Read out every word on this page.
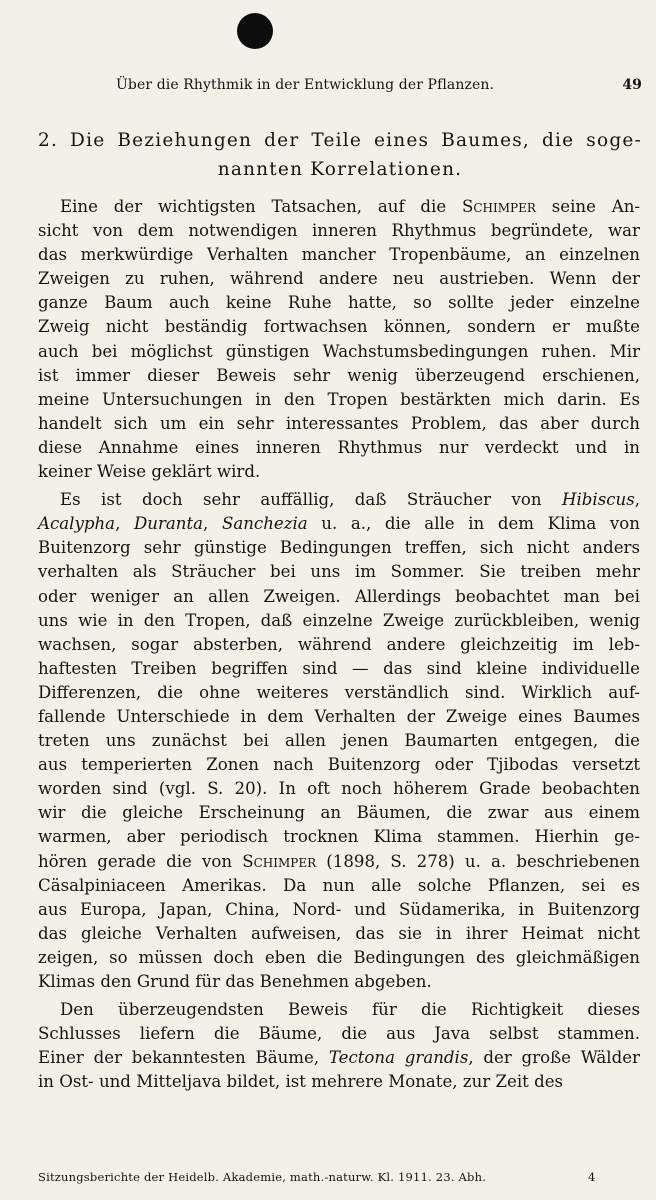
Über die Rhythmik in der Entwicklung der Pflanzen.	49
2. Die Beziehungen der Teile eines Baumes, die soge-
nannten Korrelationen.

Eine der wichtigsten Tatsachen, auf die Schimper seine An-
sicht von dem notwendigen inneren Rhythmus begründete, war
das merkwürdige Verhalten mancher Tropenbäume, an einzelnen
Zweigen zu ruhen, während andere neu austrieben. Wenn der
ganze Baum auch keine Ruhe hatte, so sollte jeder einzelne
Zweig nicht beständig fortwachsen können, sondern er mußte
auch bei möglichst günstigen Wachstumsbedingungen ruhen. Mir
ist immer dieser Beweis sehr wenig überzeugend erschienen,
meine Untersuchungen in den Tropen bestärkten mich darin. Es
handelt sich um ein sehr interessantes Problem, das aber durch
diese Annahme eines inneren Rhythmus nur verdeckt und in
keiner Weise geklärt wird.

Es ist doch sehr auffällig, daß Sträucher von Hibiscus,
Acalypha, Duranta, Sanchezia u. a., die alle in dem Klima von
Buitenzorg sehr günstige Bedingungen treffen, sich nicht anders
verhalten als Sträucher bei uns im Sommer. Sie treiben mehr
oder weniger an allen Zweigen. Allerdings beobachtet man bei
uns wie in den Tropen, daß einzelne Zweige zurückbleiben, wenig
wachsen, sogar absterben, während andere gleichzeitig im leb-
haftesten Treiben begriffen sind — das sind kleine individuelle
Differenzen, die ohne weiteres verständlich sind. Wirklich auf-
fallende Unterschiede in dem Verhalten der Zweige eines Baumes
treten uns zunächst bei allen jenen Baumarten entgegen, die
aus temperierten Zonen nach Buitenzorg oder Tjibodas versetzt
worden sind (vgl. S. 20). In oft noch höherem Grade beobachten
wir die gleiche Erscheinung an Bäumen, die zwar aus einem
warmen, aber periodisch trocknen Klima stammen. Hierhin ge-
hören gerade die von Schimper (1898, S. 278) u. a. beschriebenen
Cäsalpiniaceen Amerikas. Da nun alle solche Pflanzen, sei es
aus Europa, Japan, China, Nord- und Südamerika, in Buitenzorg
das gleiche Verhalten aufweisen, das sie in ihrer Heimat nicht
zeigen, so müssen doch eben die Bedingungen des gleichmäßigen
Klimas den Grund für das Benehmen abgeben.

Den überzeugendsten Beweis für die Richtigkeit dieses
Schlusses liefern die Bäume, die aus Java selbst stammen.
Einer der bekanntesten Bäume, Tectona grandis, der große Wälder
in Ost- und Mitteljava bildet, ist mehrere Monate, zur Zeit des

Sitzungsberichte der Heidelb. Akademie, math.-naturw. Kl. 1911. 23. Abh.	4
